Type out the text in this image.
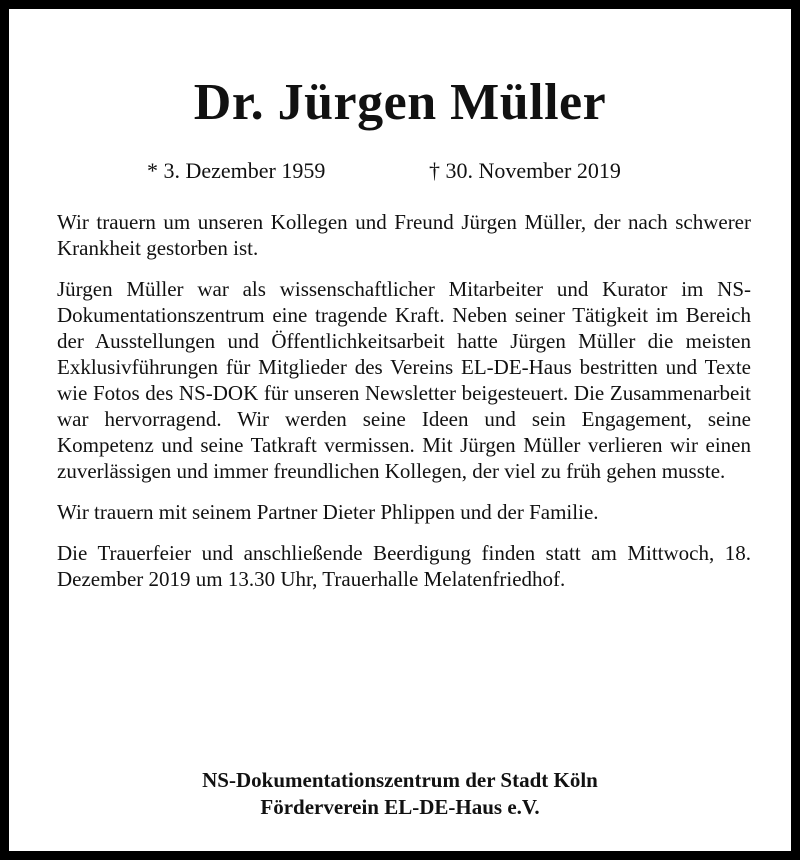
Dr. Jürgen Müller
* 3. Dezember 1959	† 30. November 2019

Wir trauern um unseren Kollegen und Freund Jürgen Müller, der nach schwerer Krankheit gestorben ist.

Jürgen Müller war als wissenschaftlicher Mitarbeiter und Kurator im NS-Dokumentationszentrum eine tragende Kraft. Neben seiner Tätigkeit im Bereich der Ausstellungen und Öffentlichkeitsarbeit hatte Jürgen Müller die meisten Exklusivführungen für Mitglieder des Vereins EL-DE-Haus bestritten und Texte wie Fotos des NS-DOK für unseren Newsletter beigesteuert. Die Zusammenarbeit war hervorragend. Wir werden seine Ideen und sein Engagement, seine Kompetenz und seine Tatkraft vermissen. Mit Jürgen Müller verlieren wir einen zuverlässigen und immer freundlichen Kollegen, der viel zu früh gehen musste.

Wir trauern mit seinem Partner Dieter Phlippen und der Familie.

Die Trauerfeier und anschließende Beerdigung finden statt am Mittwoch, 18. Dezember 2019 um 13.30 Uhr, Trauerhalle Melatenfriedhof.

NS-Dokumentationszentrum der Stadt Köln
Förderverein EL-DE-Haus e.V.
